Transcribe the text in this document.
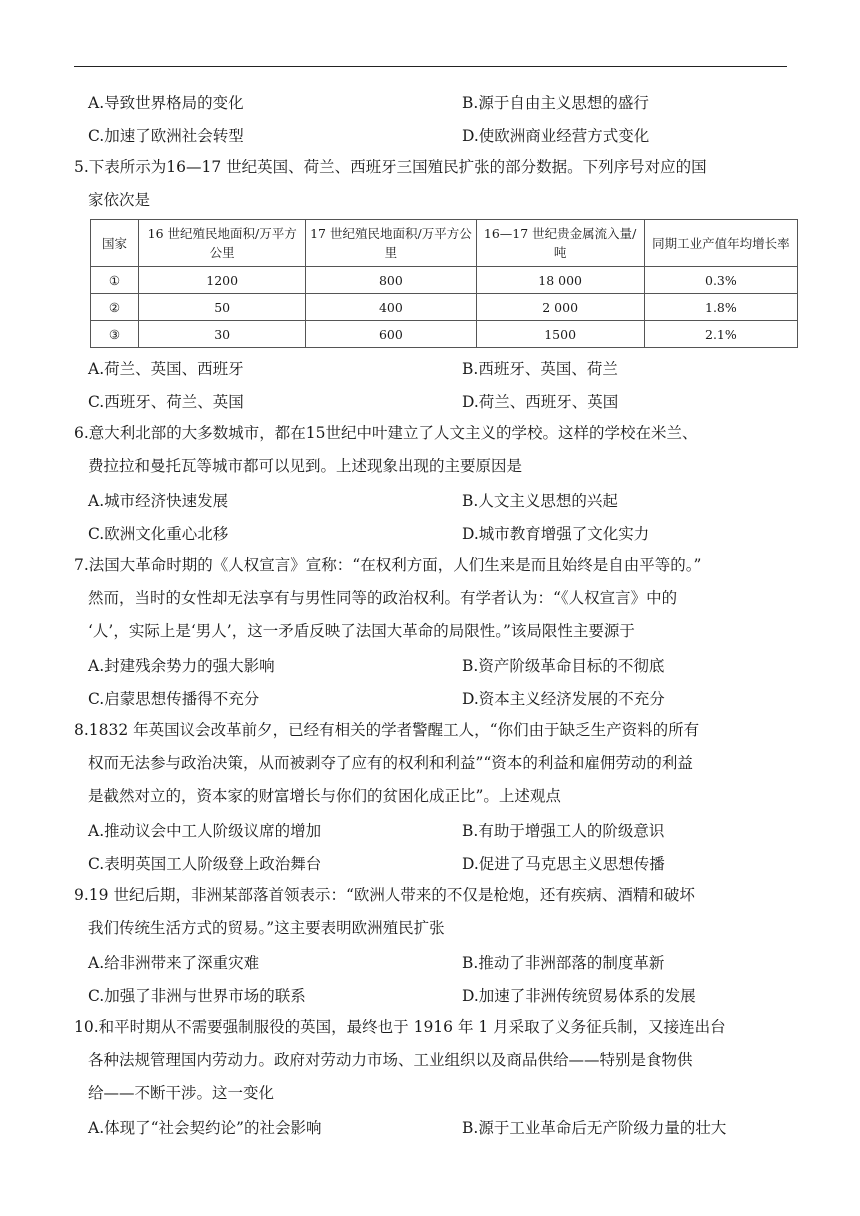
A.导致世界格局的变化	B.源于自由主义思想的盛行
C.加速了欧洲社会转型	D.使欧洲商业经营方式变化
5.下表所示为16—17 世纪英国、荷兰、西班牙三国殖民扩张的部分数据。下列序号对应的国
家依次是
国家	16 世纪殖民地面积/万平方公里	17 世纪殖民地面积/万平方公里	16—17 世纪贵金属流入量/吨	同期工业产值年均增长率
①	1200	800	18 000	0.3%
②	50	400	2 000	1.8%
③	30	600	1500	2.1%
A.荷兰、英国、西班牙	B.西班牙、英国、荷兰
C.西班牙、荷兰、英国	D.荷兰、西班牙、英国
6.意大利北部的大多数城市，都在15世纪中叶建立了人文主义的学校。这样的学校在米兰、
费拉拉和曼托瓦等城市都可以见到。上述现象出现的主要原因是
A.城市经济快速发展	B.人文主义思想的兴起
C.欧洲文化重心北移	D.城市教育增强了文化实力
7.法国大革命时期的《人权宣言》宣称：“在权利方面，人们生来是而且始终是自由平等的。”
然而，当时的女性却无法享有与男性同等的政治权利。有学者认为：“《人权宣言》中的
‘人’，实际上是‘男人’，这一矛盾反映了法国大革命的局限性。”该局限性主要源于
A.封建残余势力的强大影响	B.资产阶级革命目标的不彻底
C.启蒙思想传播得不充分	D.资本主义经济发展的不充分
8.1832 年英国议会改革前夕，已经有相关的学者警醒工人，“你们由于缺乏生产资料的所有
权而无法参与政治决策，从而被剥夺了应有的权利和利益”“资本的利益和雇佣劳动的利益
是截然对立的，资本家的财富增长与你们的贫困化成正比”。上述观点
A.推动议会中工人阶级议席的增加	B.有助于增强工人的阶级意识
C.表明英国工人阶级登上政治舞台	D.促进了马克思主义思想传播
9.19 世纪后期，非洲某部落首领表示：“欧洲人带来的不仅是枪炮，还有疾病、酒精和破坏
我们传统生活方式的贸易。”这主要表明欧洲殖民扩张
A.给非洲带来了深重灾难	B.推动了非洲部落的制度革新
C.加强了非洲与世界市场的联系	D.加速了非洲传统贸易体系的发展
10.和平时期从不需要强制服役的英国，最终也于 1916 年 1 月采取了义务征兵制，又接连出台
各种法规管理国内劳动力。政府对劳动力市场、工业组织以及商品供给——特别是食物供
给——不断干涉。这一变化
A.体现了“社会契约论”的社会影响	B.源于工业革命后无产阶级力量的壮大
